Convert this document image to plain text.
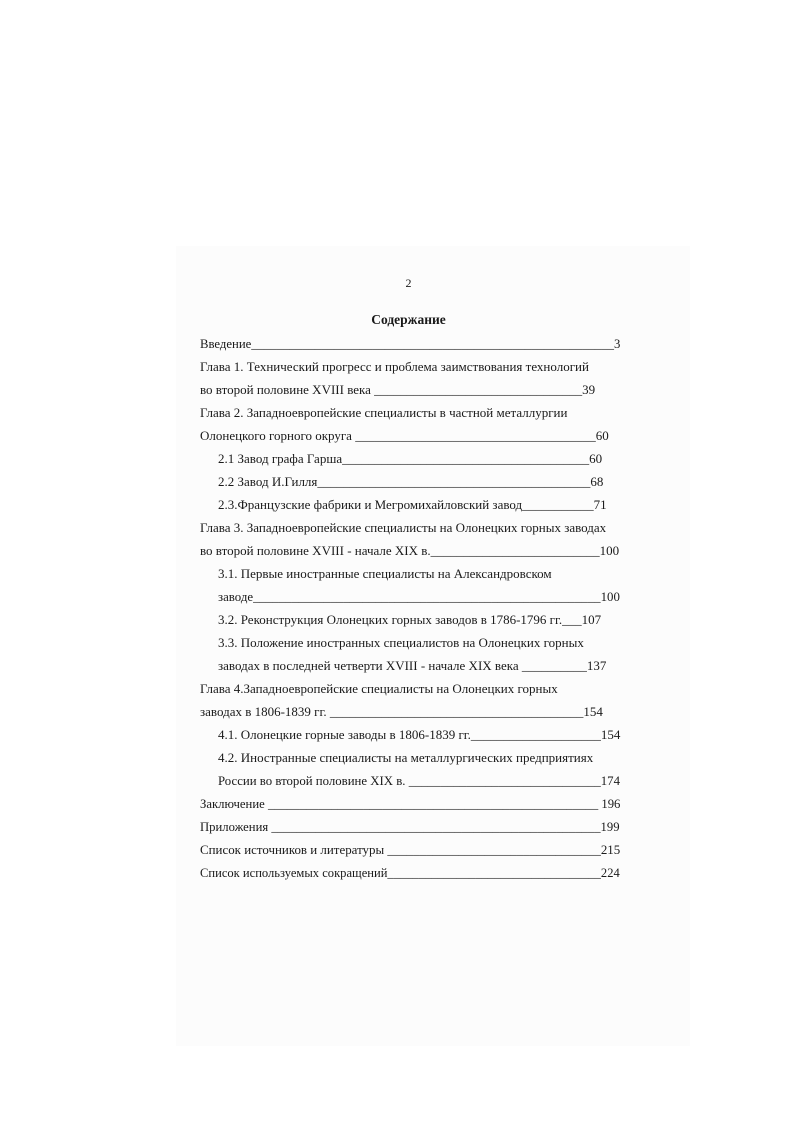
2
Содержание
Введение_________________________________________________________3
Глава 1. Технический прогресс и проблема заимствования технологий
во второй половине XVIII века ________________________________39
Глава 2. Западноевропейские специалисты в частной металлургии
Олонецкого горного округа _____________________________________60
2.1 Завод графа Гарша______________________________________60
2.2 Завод И.Гилля__________________________________________68
2.3.Французские фабрики и Мегромихайловский завод___________71
Глава 3. Западноевропейские специалисты на Олонецких горных заводах
во второй половине XVIII - начале XIX в.__________________________100
3.1. Первые иностранные специалисты на Александровском
заводе______________________________________________________100
3.2. Реконструкция Олонецких горных заводов в 1786-1796 гг.___107
3.3. Положение иностранных специалистов на Олонецких горных
заводах в последней четверти XVIII - начале XIX века __________137
Глава 4.Западноевропейские специалисты на Олонецких горных
заводах в 1806-1839 гг. _______________________________________154
4.1. Олонецкие горные заводы в 1806-1839 гг.____________________154
4.2. Иностранные специалисты на металлургических предприятиях
России во второй половине XIX в. ______________________________174
Заключение ____________________________________________________ 196
Приложения ____________________________________________________199
Список источников и литературы _________________________________215
Список используемых сокращений__________________________________224
